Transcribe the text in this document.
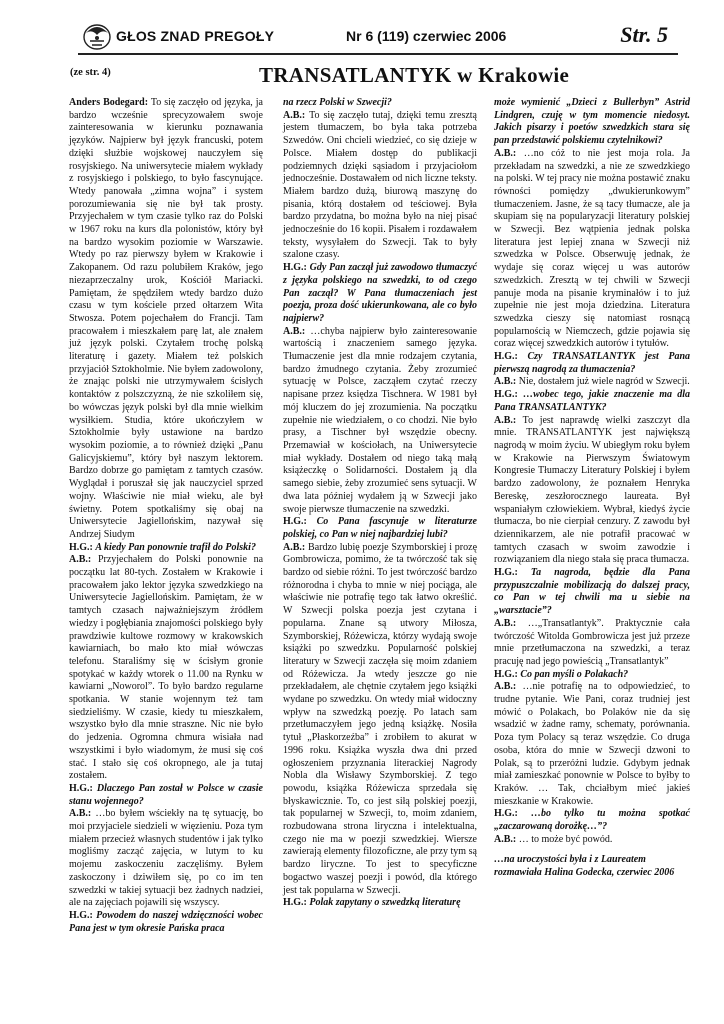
GŁOS ZNAD PREGOŁY	Nr 6 (119) czerwiec 2006	Str. 5
(ze str. 4)	TRANSATLANTYK w Krakowie

Anders Bodegard: To się zaczęło od języka, ja bardzo wcześnie sprecyzowałem swoje zainteresowania w kierunku poznawania języków. Najpierw był język francuski, potem dzięki służbie wojskowej nauczyłem się rosyjskiego. Na uniwersytecie miałem wykłady z rosyjskiego i polskiego, to było fascynujące. Wtedy panowała „zimna wojna” i system porozumiewania się nie był tak prosty. Przyjechałem w tym czasie tylko raz do Polski w 1967 roku na kurs dla polonistów, który był na bardzo wysokim poziomie w Warszawie. Wtedy po raz pierwszy byłem w Krakowie i Zakopanem. Od razu polubiłem Kraków, jego niezaprzeczalny urok, Kościół Mariacki. Pamiętam, że spędziłem wtedy bardzo dużo czasu w tym kościele przed ołtarzem Wita Stwosza. Potem pojechałem do Francji. Tam pracowałem i mieszkałem parę lat, ale znałem już język polski. Czytałem trochę polską literaturę i gazety. Miałem też polskich przyjaciół Sztokholmie. Nie byłem zadowolony, że znając polski nie utrzymywałem ścisłych kontaktów z polszczyzną, że nie szkoliłem się, bo wówczas język polski był dla mnie wielkim wysiłkiem. Studia, które ukończyłem w Sztokholmie były ustawione na bardzo wysokim poziomie, a to również dzięki „Panu Galicyjskiemu”, który był naszym lektorem. Bardzo dobrze go pamiętam z tamtych czasów. Wyglądał i poruszał się jak nauczyciel sprzed wojny. Właściwie nie miał wieku, ale był świetny. Potem spotkaliśmy się obaj na Uniwersytecie Jagiellońskim, nazywał się Andrzej Siudym

H.G.: A kiedy Pan ponownie trafił do Polski?

A.B.: Przyjechałem do Polski ponownie na początku lat 80-tych. Zostałem w Krakowie i pracowałem jako lektor języka szwedzkiego na Uniwersytecie Jagiellońskim. Pamiętam, że w tamtych czasach najważniejszym źródłem wiedzy i pogłębiania znajomości polskiego były prawdziwie kultowe rozmowy w krakowskich kawiarniach, bo mało kto miał wówczas telefonu. Staraliśmy się w ścisłym gronie spotykać w każdy wtorek o 11.00 na Rynku w kawiarni „Noworol”. To było bardzo regularne spotkania. W stanie wojennym też tam siedzieliśmy. W czasie, kiedy tu mieszkałem, wszystko było dla mnie straszne. Nic nie było do jedzenia. Ogromna chmura wisiała nad wszystkimi i było wiadomym, że musi się coś stać. I stało się coś okropnego, ale ja tutaj zostałem.

H.G.: Dlaczego Pan został w Polsce w czasie stanu wojennego?

A.B.: …bo byłem wściekły na tę sytuację, bo moi przyjaciele siedzieli w więzieniu. Poza tym miałem przecież własnych studentów i jak tylko mogliśmy zacząć zajęcia, w lutym to ku mojemu zaskoczeniu zaczęliśmy. Byłem zaskoczony i dziwiłem się, po co im ten szwedzki w takiej sytuacji bez żadnych nadziei, ale na zajęciach pojawili się wszyscy.

H.G.: Powodem do naszej wdzięczności wobec Pana jest w tym okresie Pańska praca

na rzecz Polski w Szwecji?

A.B.: To się zaczęło tutaj, dzięki temu zresztą jestem tłumaczem, bo była taka potrzeba Szwedów. Oni chcieli wiedzieć, co się dzieje w Polsce. Miałem dostęp do publikacji podziemnych dzięki sąsiadom i przyjaciołom jednocześnie. Dostawałem od nich liczne teksty. Miałem bardzo dużą, biurową maszynę do pisania, którą dostałem od teściowej. Była bardzo przydatna, bo można było na niej pisać jednocześnie do 16 kopii. Pisałem i rozdawałem teksty, wysyłałem do Szwecji. Tak to były szalone czasy.

H.G.: Gdy Pan zaczął już zawodowo tłumaczyć z języka polskiego na szwedzki, to od czego Pan zaczął? W Pana tłumaczeniach jest poezja, proza dość ukierunkowana, ale co było najpierw?

A.B.: …chyba najpierw było zainteresowanie wartością i znaczeniem samego języka. Tłumaczenie jest dla mnie rodzajem czytania, bardzo żmudnego czytania. Żeby zrozumieć sytuację w Polsce, zacząłem czytać rzeczy napisane przez księdza Tischnera. W 1981 był mój kluczem do jej zrozumienia. Na początku zupełnie nie wiedziałem, o co chodzi. Nie było prasy, a Tischner był wszędzie obecny. Przemawiał w kościołach, na Uniwersytecie miał wykłady. Dostałem od niego taką małą książeczkę o Solidarności. Dostałem ją dla samego siebie, żeby zrozumieć sens sytuacji. W dwa lata później wydałem ją w Szwecji jako swoje pierwsze tłumaczenie na szwedzki.

H.G.: Co Pana fascynuje w literaturze polskiej, co Pan w niej najbardziej lubi?

A.B.: Bardzo lubię poezje Szymborskiej i prozę Gombrowicza, pomimo, że ta twórczość tak się bardzo od siebie różni. To jest twórczość bardzo różnorodna i chyba to mnie w niej pociąga, ale właściwie nie potrafię tego tak łatwo określić. W Szwecji polska poezja jest czytana i popularna. Znane są utwory Miłosza, Szymborskiej, Różewicza, którzy wydają swoje książki po szwedzku. Popularność polskiej literatury w Szwecji zaczęła się moim zdaniem od Różewicza. Ja wtedy jeszcze go nie przekładałem, ale chętnie czytałem jego książki wydane po szwedzku. On wtedy miał widoczny wpływ na szwedzką poezję. Po latach sam przetłumaczyłem jego jedną książkę. Nosiła tytuł „Płaskorzeźba” i zrobiłem to akurat w 1996 roku. Książka wyszła dwa dni przed ogłoszeniem przyznania literackiej Nagrody Nobla dla Wisławy Szymborskiej. Z tego powodu, książka Różewicza sprzedała się błyskawicznie. To, co jest siłą polskiej poezji, tak popularnej w Szwecji, to, moim zdaniem, rozbudowana strona liryczna i intelektualna, czego nie ma w poezji szwedzkiej. Wiersze zawierają elementy filozoficzne, ale przy tym są bardzo liryczne. To jest to specyficzne bogactwo waszej poezji i powód, dla którego jest tak popularna w Szwecji.

H.G.: Polak zapytany o szwedzką literaturę

może wymienić „Dzieci z Bullerbyn” Astrid Lindgren, czuję w tym momencie niedosyt. Jakich pisarzy i poetów szwedzkich stara się pan przedstawić polskiemu czytelnikowi?

A.B.: …no cóż to nie jest moja rola. Ja przekładam na szwedzki, a nie ze szwedzkiego na polski. W tej pracy nie można postawić znaku równości pomiędzy „dwukierunkowym” tłumaczeniem. Jasne, że są tacy tłumacze, ale ja skupiam się na popularyzacji literatury polskiej w Szwecji. Bez wątpienia jednak polska literatura jest lepiej znana w Szwecji niż szwedzka w Polsce. Obserwuję jednak, że wydaje się coraz więcej u was autorów szwedzkich. Zresztą w tej chwili w Szwecji panuje moda na pisanie kryminałów i to już zupełnie nie jest moja dziedzina. Literatura szwedzka cieszy się natomiast rosnącą popularnością w Niemczech, gdzie pojawia się coraz więcej szwedzkich autorów i tytułów.

H.G.: Czy TRANSATLANTYK jest Pana pierwszą nagrodą za tłumaczenia?

A.B.: Nie, dostałem już wiele nagród w Szwecji.

H.G.: …wobec tego, jakie znaczenie ma dla Pana TRANSATLANTYK?

A.B.: To jest naprawdę wielki zaszczyt dla mnie. TRANSATLANTYK jest największą nagrodą w moim życiu. W ubiegłym roku byłem w Krakowie na Pierwszym Światowym Kongresie Tłumaczy Literatury Polskiej i byłem bardzo zadowolony, że poznałem Henryka Bereskę, zeszłorocznego laureata. Był wspaniałym człowiekiem. Wybrał, kiedyś życie tłumacza, bo nie cierpiał cenzury. Z zawodu był dziennikarzem, ale nie potrafił pracować w tamtych czasach w swoim zawodzie i rozwiązaniem dla niego stała się praca tłumacza.

H.G.: Ta nagroda, będzie dla Pana przypuszczalnie mobilizacją do dalszej pracy, co Pan w tej chwili ma u siebie na „warsztacie”?

A.B.: …„Transatlantyk”. Praktycznie cała twórczość Witolda Gombrowicza jest już przeze mnie przetłumaczona na szwedzki, a teraz pracuję nad jego powieścią „Transatlantyk”

H.G.: Co pan myśli o Polakach?

A.B.: …nie potrafię na to odpowiedzieć, to trudne pytanie. Wie Pani, coraz trudniej jest mówić o Polakach, bo Polaków nie da się wsadzić w żadne ramy, schematy, porównania. Poza tym Polacy są teraz wszędzie. Co druga osoba, która do mnie w Szwecji dzwoni to Polak, są to przeróżni ludzie. Gdybym jednak miał zamieszkać ponownie w Polsce to byłby to Kraków. … Tak, chciałbym mieć jakieś mieszkanie w Krakowie.

H.G.: …bo tylko tu można spotkać „zaczarowaną dorożkę…”?

A.B.: … to może być powód.

…na uroczystości była i z Laureatem

rozmawiała Halina Godecka, czerwiec 2006
